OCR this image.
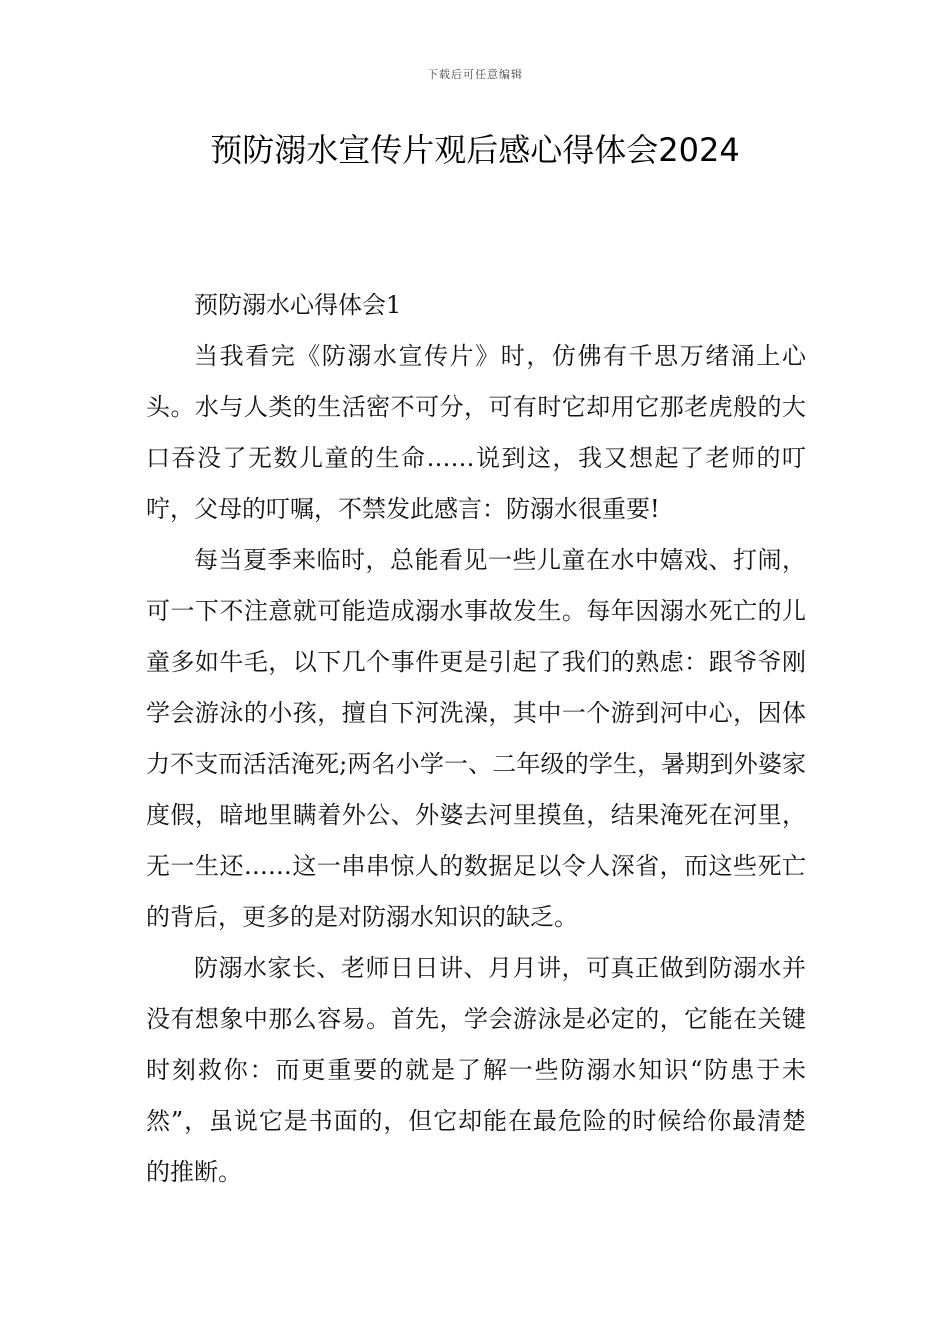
下载后可任意编辑
预防溺水宣传片观后感心得体会2024

预防溺水心得体会1

当我看完《防溺水宣传片》时，仿佛有千思万绪涌上心头。水与人类的生活密不可分，可有时它却用它那老虎般的大口吞没了无数儿童的生命……说到这，我又想起了老师的叮咛，父母的叮嘱，不禁发此感言：防溺水很重要!

每当夏季来临时，总能看见一些儿童在水中嬉戏、打闹，可一下不注意就可能造成溺水事故发生。每年因溺水死亡的儿童多如牛毛，以下几个事件更是引起了我们的熟虑：跟爷爷刚学会游泳的小孩，擅自下河洗澡，其中一个游到河中心，因体力不支而活活淹死;两名小学一、二年级的学生，暑期到外婆家度假，暗地里瞒着外公、外婆去河里摸鱼，结果淹死在河里，无一生还……这一串串惊人的数据足以令人深省，而这些死亡的背后，更多的是对防溺水知识的缺乏。

防溺水家长、老师日日讲、月月讲，可真正做到防溺水并没有想象中那么容易。首先，学会游泳是必定的，它能在关键时刻救你：而更重要的就是了解一些防溺水知识“防患于未然”，虽说它是书面的，但它却能在最危险的时候给你最清楚的推断。
